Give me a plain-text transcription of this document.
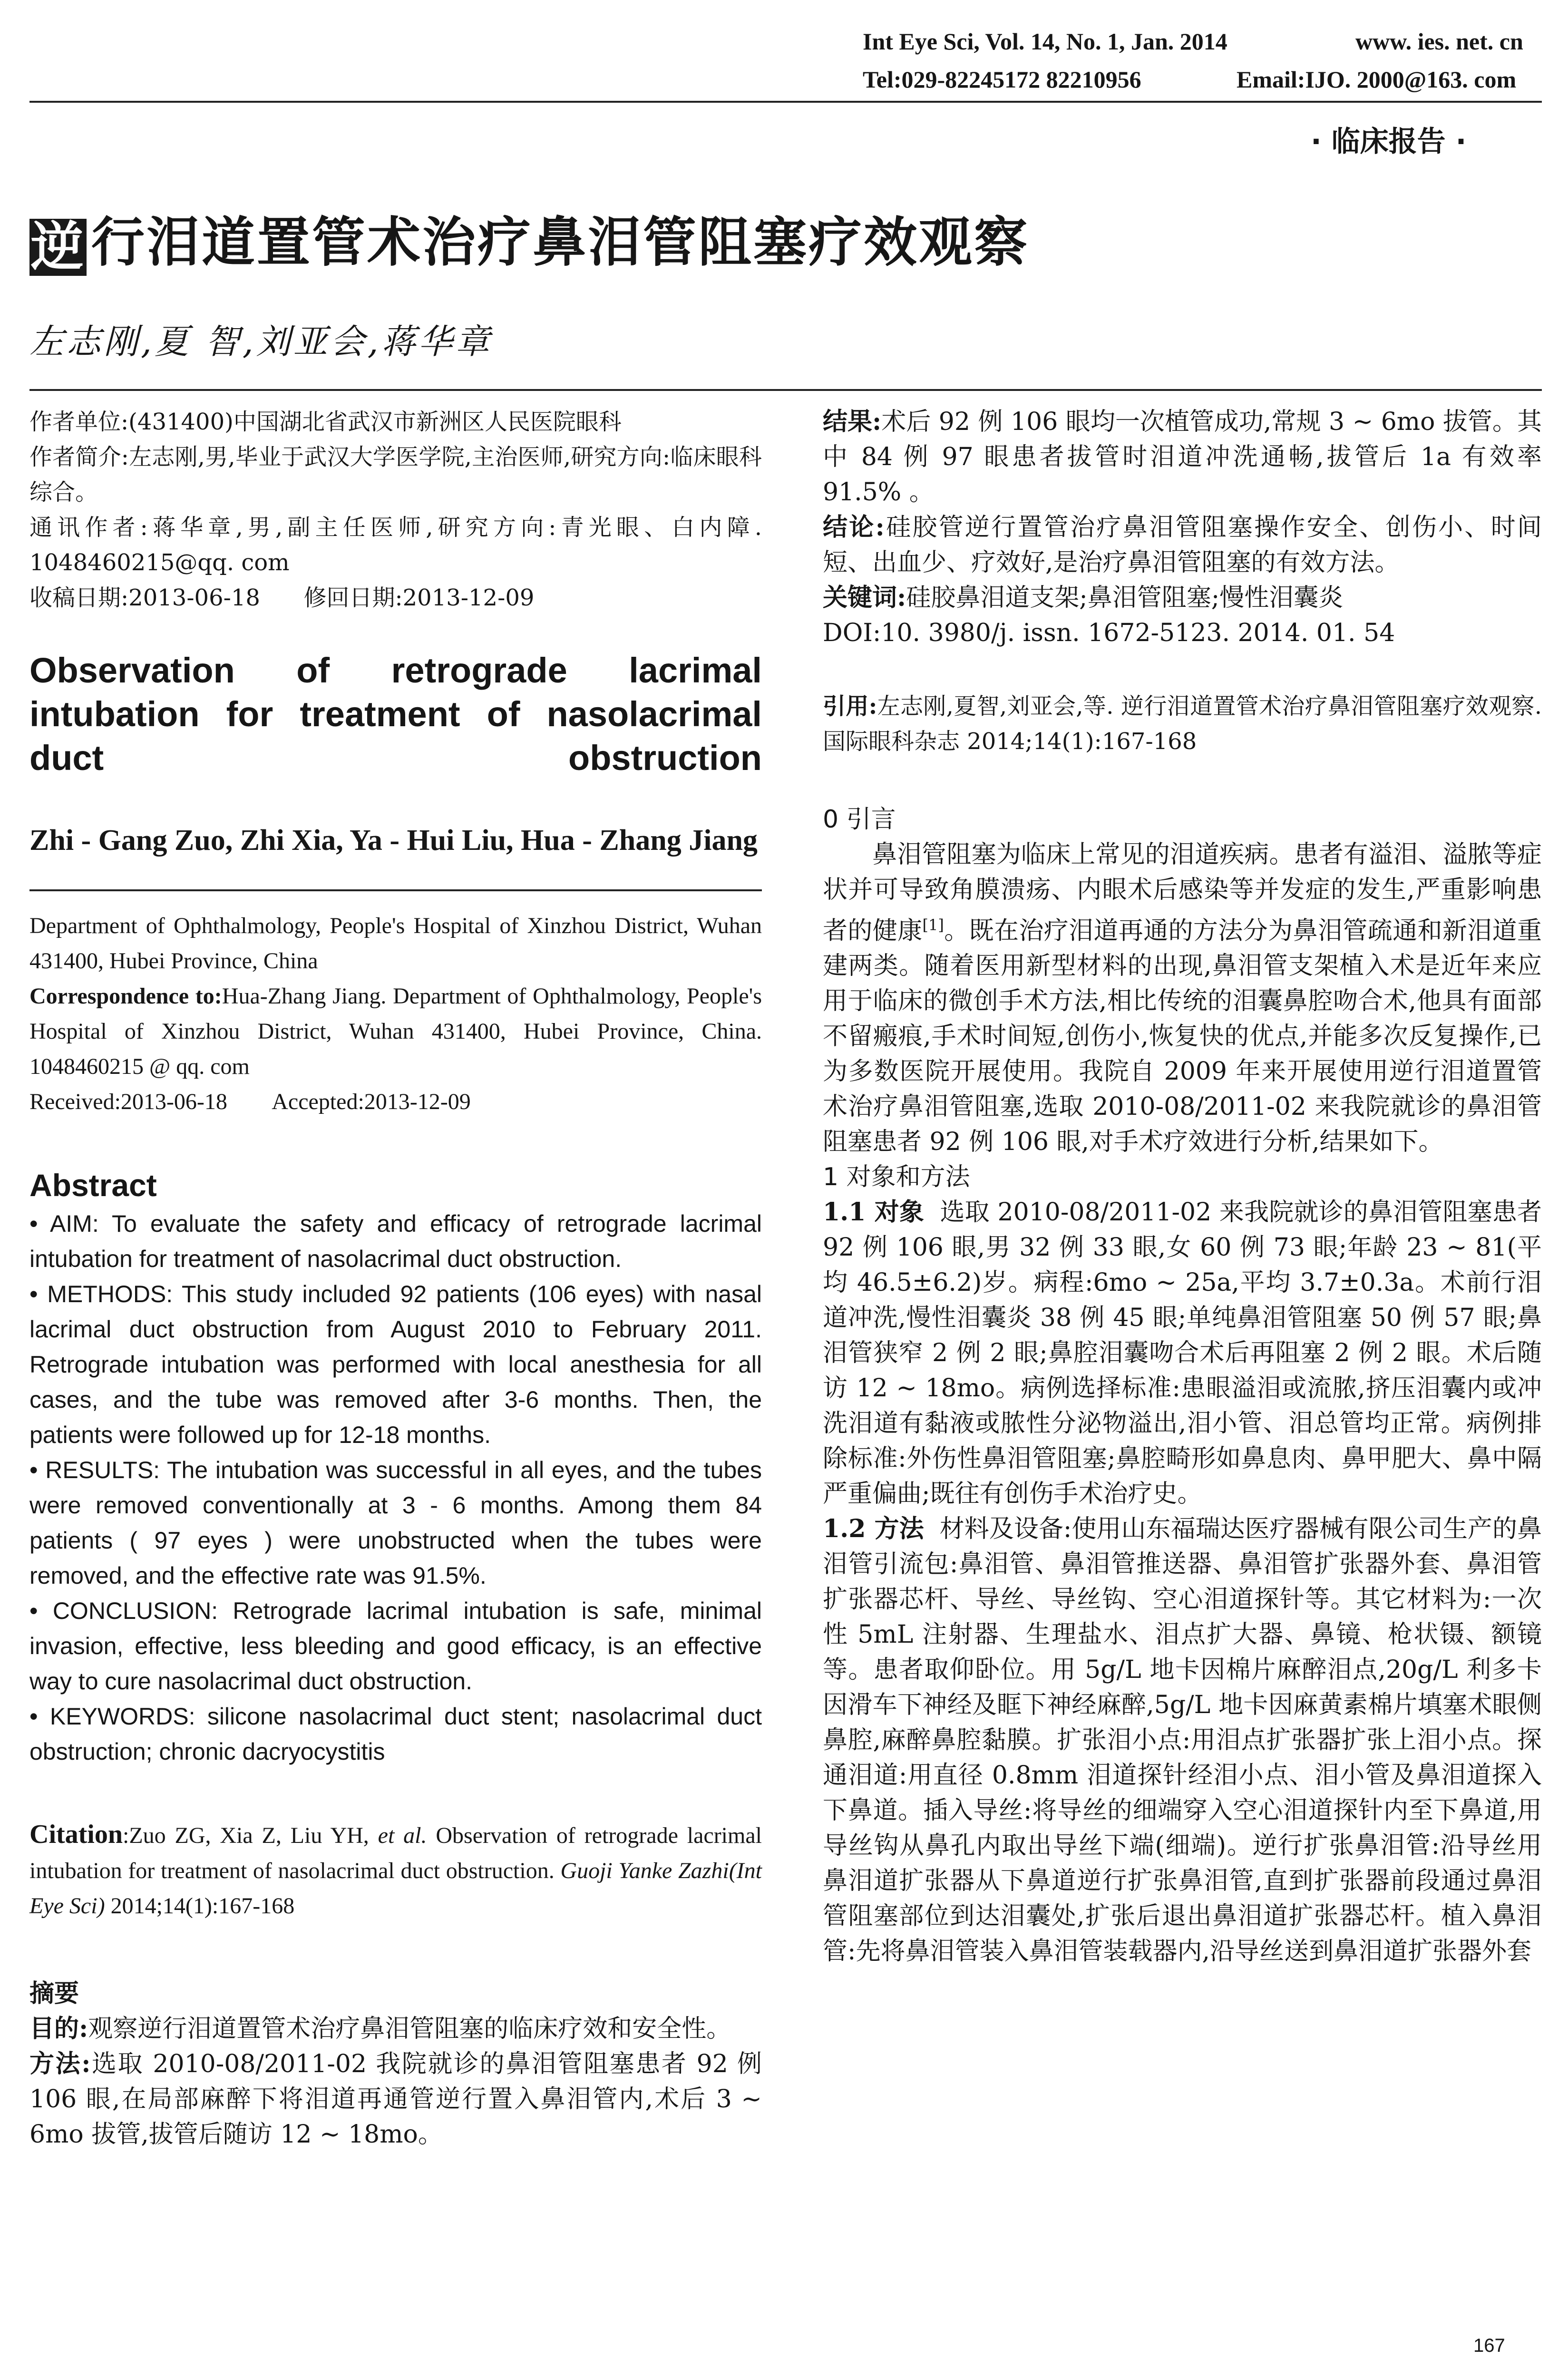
Int Eye Sci, Vol. 14, No. 1, Jan. 2014	www. ies. net. cn
Tel:029-82245172 82210956	Email:IJO. 2000@163. com
· 临床报告 ·
逆 行泪道置管术治疗鼻泪管阻塞疗效观察
左志刚,夏 智,刘亚会,蒋华章

作者单位:(431400)中国湖北省武汉市新洲区人民医院眼科

作者简介:左志刚,男,毕业于武汉大学医学院,主治医师,研究方向:临床眼科综合。

通讯作者:蒋华章,男,副主任医师,研究方向:青光眼、白内障. 1048460215@qq. com

收稿日期:2013-06-18      修回日期:2013-12-09

Observation of retrograde lacrimal intubation for treatment of nasolacrimal duct obstruction
Zhi - Gang Zuo, Zhi Xia, Ya - Hui Liu, Hua - Zhang Jiang

Department of Ophthalmology, People's Hospital of Xinzhou District, Wuhan 431400, Hubei Province, China

Correspondence to:Hua-Zhang Jiang. Department of Ophthalmology, People's Hospital of Xinzhou District, Wuhan 431400, Hubei Province, China. 1048460215 @ qq. com

Received:2013-06-18        Accepted:2013-12-09

Abstract

• AIM: To evaluate the safety and efficacy of retrograde lacrimal intubation for treatment of nasolacrimal duct obstruction.

• METHODS: This study included 92 patients (106 eyes) with nasal lacrimal duct obstruction from August 2010 to February 2011. Retrograde intubation was performed with local anesthesia for all cases, and the tube was removed after 3-6 months. Then, the patients were followed up for 12-18 months.

• RESULTS: The intubation was successful in all eyes, and the tubes were removed conventionally at 3 - 6 months. Among them 84 patients ( 97 eyes ) were unobstructed when the tubes were removed, and the effective rate was 91.5%.

• CONCLUSION: Retrograde lacrimal intubation is safe, minimal invasion, effective, less bleeding and good efficacy, is an effective way to cure nasolacrimal duct obstruction.

• KEYWORDS: silicone nasolacrimal duct stent; nasolacrimal duct obstruction; chronic dacryocystitis

Citation:Zuo ZG, Xia Z, Liu YH, et al. Observation of retrograde lacrimal intubation for treatment of nasolacrimal duct obstruction. Guoji Yanke Zazhi(Int Eye Sci) 2014;14(1):167-168

摘要

目的:观察逆行泪道置管术治疗鼻泪管阻塞的临床疗效和安全性。

方法:选取 2010-08/2011-02 我院就诊的鼻泪管阻塞患者 92 例 106 眼,在局部麻醉下将泪道再通管逆行置入鼻泪管内,术后 3 ~ 6mo 拔管,拔管后随访 12 ~ 18mo。

结果:术后 92 例 106 眼均一次植管成功,常规 3 ~ 6mo 拔管。其中 84 例 97 眼患者拔管时泪道冲洗通畅,拔管后 1a 有效率 91.5% 。

结论:硅胶管逆行置管治疗鼻泪管阻塞操作安全、创伤小、时间短、出血少、疗效好,是治疗鼻泪管阻塞的有效方法。

关键词:硅胶鼻泪道支架;鼻泪管阻塞;慢性泪囊炎

DOI:10. 3980/j. issn. 1672-5123. 2014. 01. 54

引用:左志刚,夏智,刘亚会,等. 逆行泪道置管术治疗鼻泪管阻塞疗效观察. 国际眼科杂志 2014;14(1):167-168

0 引言

鼻泪管阻塞为临床上常见的泪道疾病。患者有溢泪、溢脓等症状并可导致角膜溃疡、内眼术后感染等并发症的发生,严重影响患者的健康[1]。既在治疗泪道再通的方法分为鼻泪管疏通和新泪道重建两类。随着医用新型材料的出现,鼻泪管支架植入术是近年来应用于临床的微创手术方法,相比传统的泪囊鼻腔吻合术,他具有面部不留瘢痕,手术时间短,创伤小,恢复快的优点,并能多次反复操作,已为多数医院开展使用。我院自 2009 年来开展使用逆行泪道置管术治疗鼻泪管阻塞,选取 2010-08/2011-02 来我院就诊的鼻泪管阻塞患者 92 例 106 眼,对手术疗效进行分析,结果如下。

1 对象和方法

1.1 对象 选取 2010-08/2011-02 来我院就诊的鼻泪管阻塞患者 92 例 106 眼,男 32 例 33 眼,女 60 例 73 眼;年龄 23 ~ 81(平均 46.5±6.2)岁。病程:6mo ~ 25a,平均 3.7±0.3a。术前行泪道冲洗,慢性泪囊炎 38 例 45 眼;单纯鼻泪管阻塞 50 例 57 眼;鼻泪管狭窄 2 例 2 眼;鼻腔泪囊吻合术后再阻塞 2 例 2 眼。术后随访 12 ~ 18mo。病例选择标准:患眼溢泪或流脓,挤压泪囊内或冲洗泪道有黏液或脓性分泌物溢出,泪小管、泪总管均正常。病例排除标准:外伤性鼻泪管阻塞;鼻腔畸形如鼻息肉、鼻甲肥大、鼻中隔严重偏曲;既往有创伤手术治疗史。

1.2 方法 材料及设备:使用山东福瑞达医疗器械有限公司生产的鼻泪管引流包:鼻泪管、鼻泪管推送器、鼻泪管扩张器外套、鼻泪管扩张器芯杆、导丝、导丝钩、空心泪道探针等。其它材料为:一次性 5mL 注射器、生理盐水、泪点扩大器、鼻镜、枪状镊、额镜等。患者取仰卧位。用 5g/L 地卡因棉片麻醉泪点,20g/L 利多卡因滑车下神经及眶下神经麻醉,5g/L 地卡因麻黄素棉片填塞术眼侧鼻腔,麻醉鼻腔黏膜。扩张泪小点:用泪点扩张器扩张上泪小点。探通泪道:用直径 0.8mm 泪道探针经泪小点、泪小管及鼻泪道探入下鼻道。插入导丝:将导丝的细端穿入空心泪道探针内至下鼻道,用导丝钩从鼻孔内取出导丝下端(细端)。逆行扩张鼻泪管:沿导丝用鼻泪道扩张器从下鼻道逆行扩张鼻泪管,直到扩张器前段通过鼻泪管阻塞部位到达泪囊处,扩张后退出鼻泪道扩张器芯杆。植入鼻泪管:先将鼻泪管装入鼻泪管装载器内,沿导丝送到鼻泪道扩张器外套

167
